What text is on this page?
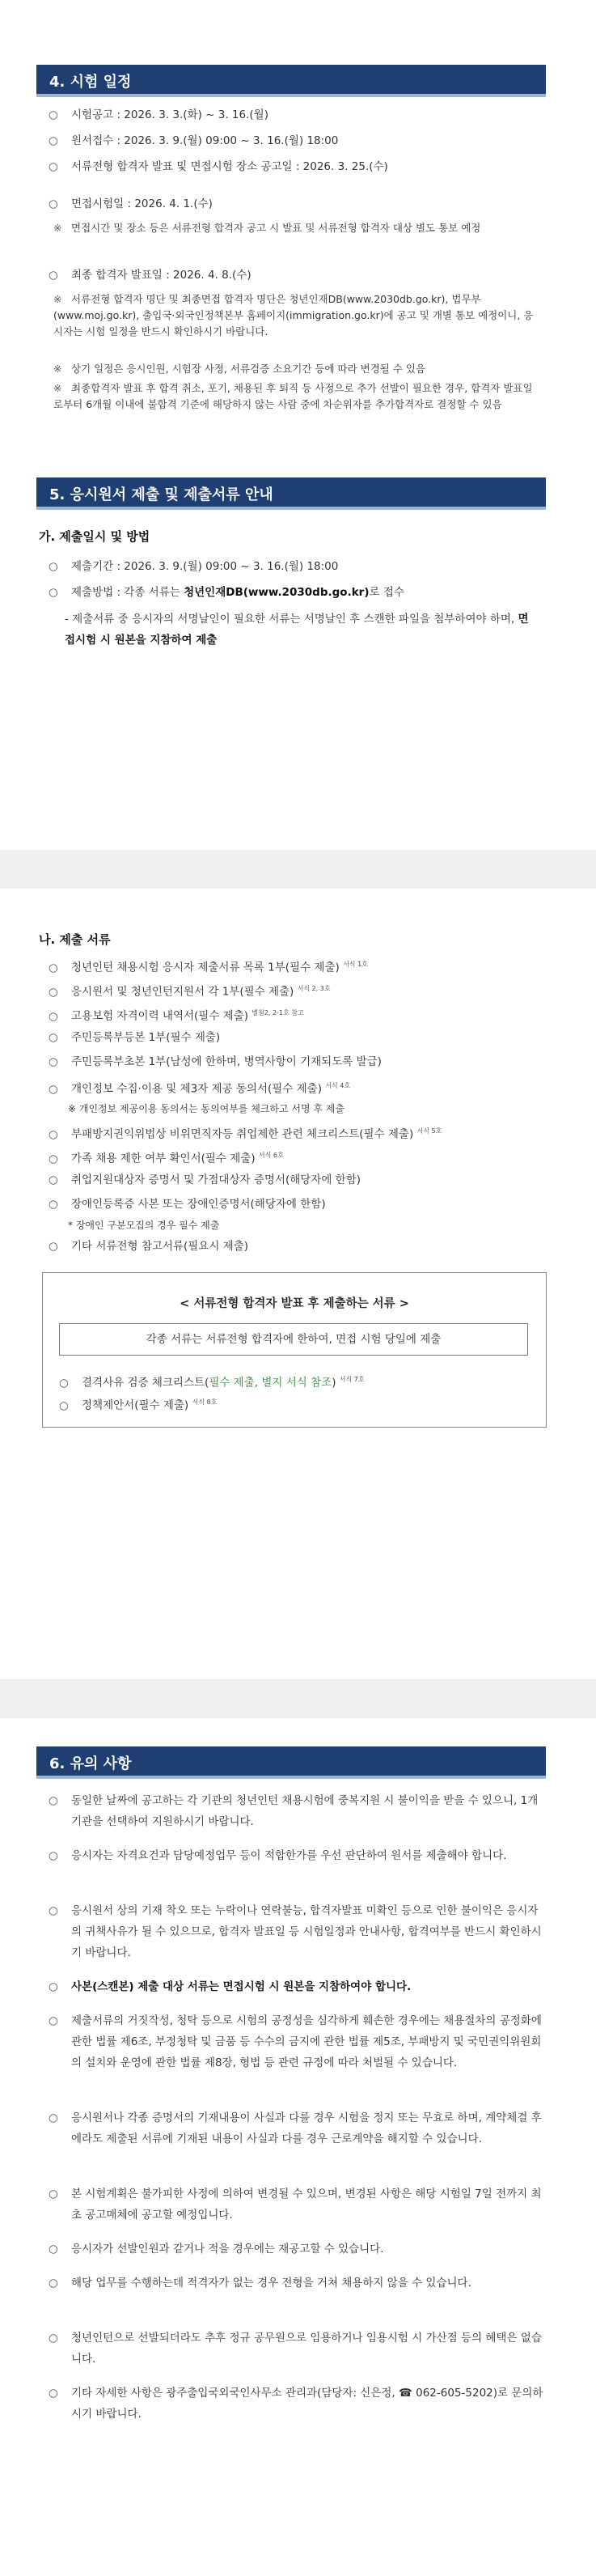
4. 시험 일정
○ 시험공고 : 2026. 3. 3.(화) ~ 3. 16.(월)
○ 원서접수 : 2026. 3. 9.(월) 09:00 ~ 3. 16.(월) 18:00
○ 서류전형 합격자 발표 및 면접시험 장소 공고일 : 2026. 3. 25.(수)
○ 면접시험일 : 2026. 4. 1.(수)
※ 면접시간 및 장소 등은 서류전형 합격자 공고 시 발표 및 서류전형 합격자 대상 별도 통보 예정
○ 최종 합격자 발표일 : 2026. 4. 8.(수)
※ 서류전형 합격자 명단 및 최종면접 합격자 명단은 청년인재DB(www.2030db.go.kr), 법무부(www.moj.go.kr), 출입국·외국인정책본부 홈페이지(immigration.go.kr)에 공고 및 개별 통보 예정이니, 응시자는 시험 일정을 반드시 확인하시기 바랍니다.
※ 상기 일정은 응시인원, 시험장 사정, 서류검증 소요기간 등에 따라 변경될 수 있음
※ 최종합격자 발표 후 합격 취소, 포기, 채용된 후 퇴직 등 사정으로 추가 선발이 필요한 경우, 합격자 발표일로부터 6개월 이내에 불합격 기준에 해당하지 않는 사람 중에 차순위자를 추가합격자로 결정할 수 있음
5. 응시원서 제출 및 제출서류 안내
가. 제출일시 및 방법
○ 제출기간 : 2026. 3. 9.(월) 09:00 ~ 3. 16.(월) 18:00
○ 제출방법 : 각종 서류는 청년인재DB(www.2030db.go.kr)로 접수
- 제출서류 중 응시자의 서명날인이 필요한 서류는 서명날인 후 스캔한 파일을 첨부하여야 하며, 면접시험 시 원본을 지참하여 제출
나. 제출 서류
○ 청년인턴 채용시험 응시자 제출서류 목록 1부(필수 제출) $^{서식 1호}$
○ 응시원서 및 청년인턴지원서 각 1부(필수 제출) $^{서식 2, 3호}$
○ 고용보험 자격이력 내역서(필수 제출) $^{별첨2, 2-1호 참고}$
○ 주민등록부등본 1부(필수 제출)
○ 주민등록부초본 1부(남성에 한하며, 병역사항이 기재되도록 발급)
○ 개인정보 수집·이용 및 제3자 제공 동의서(필수 제출) $^{서식 4호}$
※ 개인정보 제공이용 동의서는 동의여부를 체크하고 서명 후 제출
○ 부패방지권익위법상 비위면직자등 취업제한 관련 체크리스트(필수 제출) $^{서식 5호}$
○ 가족 채용 제한 여부 확인서(필수 제출) $^{서식 6호}$
○ 취업지원대상자 증명서 및 가점대상자 증명서(해당자에 한함)
○ 장애인등록증 사본 또는 장애인증명서(해당자에 한함)
* 장애인 구분모집의 경우 필수 제출
○ 기타 서류전형 참고서류(필요시 제출)
< 서류전형 합격자 발표 후 제출하는 서류 >
각종 서류는 서류전형 합격자에 한하여, 면접 시험 당일에 제출
○ 결격사유 검증 체크리스트(필수 제출, 별지 서식 참조) $^{서식 7호}$
○ 정책제안서(필수 제출) $^{서식 8호}$
6. 유의 사항
○ 동일한 날짜에 공고하는 각 기관의 청년인턴 채용시험에 중복지원 시 불이익을 받을 수 있으니, 1개 기관을 선택하여 지원하시기 바랍니다.
○ 응시자는 자격요건과 담당예정업무 등이 적합한가를 우선 판단하여 원서를 제출해야 합니다.
○ 응시원서 상의 기재 착오 또는 누락이나 연락불능, 합격자발표 미확인 등으로 인한 불이익은 응시자의 귀책사유가 될 수 있으므로, 합격자 발표일 등 시험일정과 안내사항, 합격여부를 반드시 확인하시기 바랍니다.
○ 사본(스캔본) 제출 대상 서류는 면접시험 시 원본을 지참하여야 합니다.
○ 제출서류의 거짓작성, 청탁 등으로 시험의 공정성을 심각하게 훼손한 경우에는 채용절차의 공정화에 관한 법률 제6조, 부정청탁 및 금품 등 수수의 금지에 관한 법률 제5조, 부패방지 및 국민권익위원회의 설치와 운영에 관한 법률 제8장, 형법 등 관련 규정에 따라 처벌될 수 있습니다.
○ 응시원서나 각종 증명서의 기재내용이 사실과 다를 경우 시험을 정지 또는 무효로 하며, 계약체결 후에라도 제출된 서류에 기재된 내용이 사실과 다를 경우 근로계약을 해지할 수 있습니다.
○ 본 시험계획은 불가피한 사정에 의하여 변경될 수 있으며, 변경된 사항은 해당 시험일 7일 전까지 최초 공고매체에 공고할 예정입니다.
○ 응시자가 선발인원과 같거나 적을 경우에는 재공고할 수 있습니다.
○ 해당 업무를 수행하는데 적격자가 없는 경우 전형을 거쳐 채용하지 않을 수 있습니다.
○ 청년인턴으로 선발되더라도 추후 정규 공무원으로 임용하거나 임용시험 시 가산점 등의 혜택은 없습니다.
○ 기타 자세한 사항은 광주출입국외국인사무소 관리과(담당자: 신은정, ☎ 062-605-5202)로 문의하시기 바랍니다.
